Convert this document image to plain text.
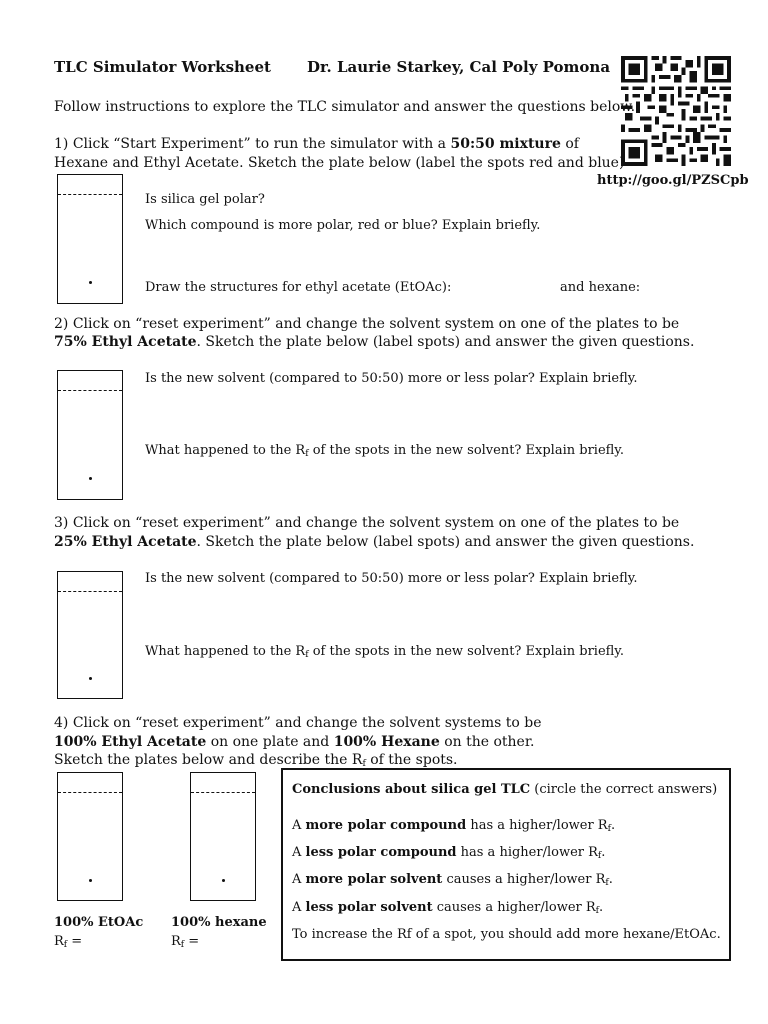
TLC Simulator Worksheet Dr. Laurie Starkey, Cal Poly Pomona
http://goo.gl/PZSCpb
Follow instructions to explore the TLC simulator and answer the questions below.
1) Click “Start Experiment” to run the simulator with a 50:50 mixture of
Hexane and Ethyl Acetate. Sketch the plate below (label the spots red and blue)
Is silica gel polar?
Which compound is more polar, red or blue? Explain briefly.
Draw the structures for ethyl acetate (EtOAc):	and hexane:
2) Click on “reset experiment” and change the solvent system on one of the plates to be
75% Ethyl Acetate. Sketch the plate below (label spots) and answer the given questions.
Is the new solvent (compared to 50:50) more or less polar? Explain briefly.
What happened to the $R_f$ of the spots in the new solvent? Explain briefly.
3) Click on “reset experiment” and change the solvent system on one of the plates to be
25% Ethyl Acetate. Sketch the plate below (label spots) and answer the given questions.
Is the new solvent (compared to 50:50) more or less polar? Explain briefly.
What happened to the $R_f$ of the spots in the new solvent? Explain briefly.
4) Click on “reset experiment” and change the solvent systems to be
100% Ethyl Acetate on one plate and 100% Hexane on the other.
Sketch the plates below and describe the $R_f$ of the spots.
100% EtOAc
$R_f$ =
100% hexane
$R_f$ =
Conclusions about silica gel TLC (circle the correct answers)
A more polar compound has a higher/lower $R_f$.
A less polar compound has a higher/lower $R_f$.
A more polar solvent causes a higher/lower $R_f$.
A less polar solvent causes a higher/lower $R_f$.
To increase the Rf of a spot, you should add more hexane/EtOAc.
